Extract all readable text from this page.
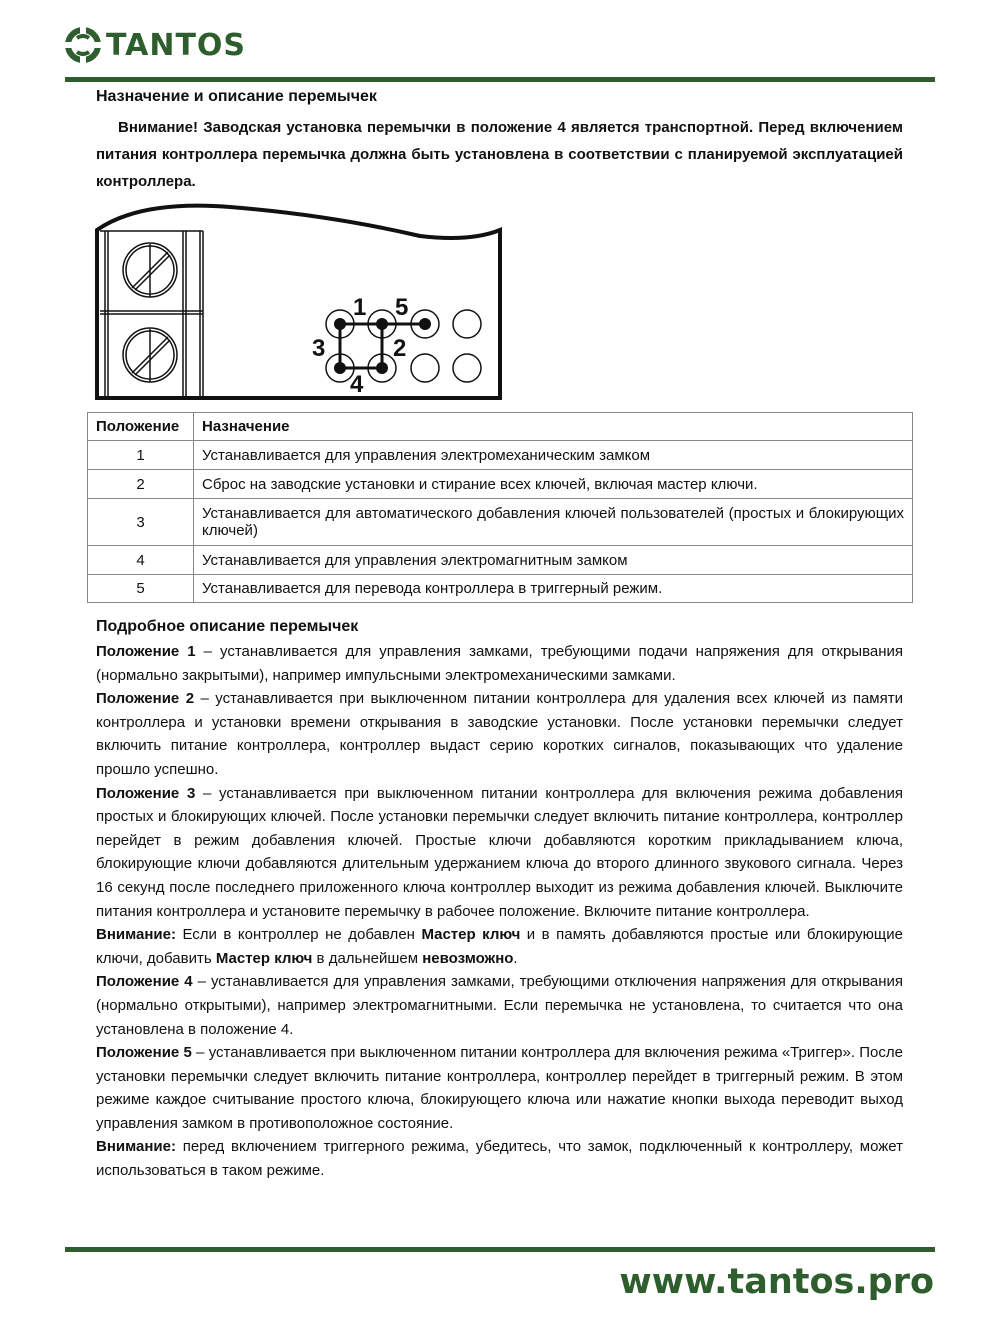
TANTOS
Назначение и описание перемычек
Внимание! Заводская установка перемычки в положение 4 является транспортной. Перед включением питания контроллера перемычка должна быть установлена в соответствии с планируемой эксплуатацией контроллера.
1 5
3	2
4
Положение	Назначение
1	Устанавливается для управления электромеханическим замком
2	Сброс на заводские установки и стирание всех ключей, включая мастер ключи.
3	Устанавливается для автоматического добавления ключей пользователей (простых и блокирующих ключей)
4	Устанавливается для управления электромагнитным замком
5	Устанавливается для перевода контроллера в триггерный режим.
Подробное описание перемычек

Положение 1 – устанавливается для управления замками, требующими подачи напряжения для открывания (нормально закрытыми), например импульсными электромеханическими замками.

Положение 2 – устанавливается при выключенном питании контроллера для удаления всех ключей из памяти контроллера и установки времени открывания в заводские установки. После установки перемычки следует включить питание контроллера, контроллер выдаст серию коротких сигналов, показывающих что удаление прошло успешно.

Положение 3 – устанавливается при выключенном питании контроллера для включения режима добавления простых и блокирующих ключей. После установки перемычки следует включить питание контроллера, контроллер перейдет в режим добавления ключей. Простые ключи добавляются коротким прикладыванием ключа, блокирующие ключи добавляются длительным удержанием ключа до второго длинного звукового сигнала. Через 16 секунд после последнего приложенного ключа контроллер выходит из режима добавления ключей. Выключите питания контроллера и установите перемычку в рабочее положение. Включите питание контроллера.

Внимание: Если в контроллер не добавлен Мастер ключ и в память добавляются простые или блокирующие ключи, добавить Мастер ключ в дальнейшем невозможно.

Положение 4 – устанавливается для управления замками, требующими отключения напряжения для открывания (нормально открытыми), например электромагнитными. Если перемычка не установлена, то считается что она установлена в положение 4.

Положение 5 – устанавливается при выключенном питании контроллера для включения режима «Триггер». После установки перемычки следует включить питание контроллера, контроллер перейдет в триггерный режим. В этом режиме каждое считывание простого ключа, блокирующего ключа или нажатие кнопки выхода переводит выход управления замком в противоположное состояние.

Внимание: перед включением триггерного режима, убедитесь, что замок, подключенный к контроллеру, может использоваться в таком режиме.

www.tantos.pro
